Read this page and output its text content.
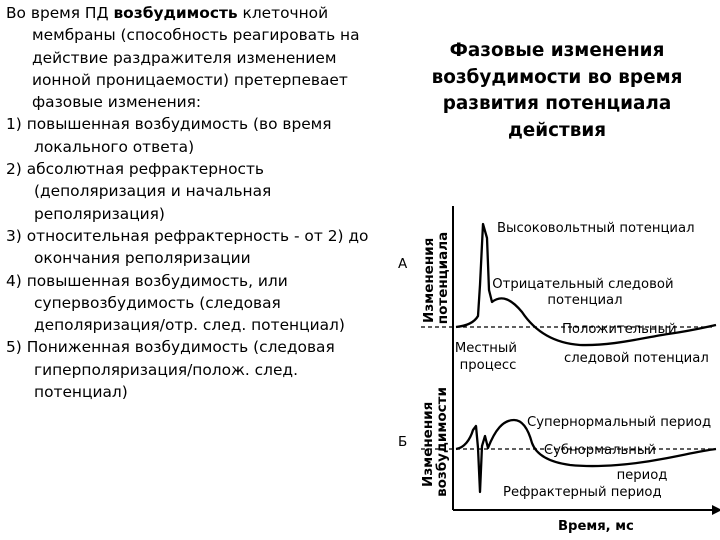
Во время ПД возбудимость клеточной мембраны (способность реагировать на действие раздражителя изменением ионной проницаемости) претерпевает фазовые изменения:

1) повышенная возбудимость (во время локального ответа)
2) абсолютная рефрактерность (деполяризация и начальная реполяризация)
3) относительная рефрактерность - от 2) до окончания реполяризации
4) повышенная возбудимость, или супервозбудимость (следовая деполяризация/отр. след. потенциал)
5) Пониженная возбудимость (следовая гиперполяризация/полож. след. потенциал)
Фазовые изменения возбудимости во время развития потенциала действия
Изменения потенциала
А
Высоковольтный потенциал
Отрицательный следовой потенциал
Положительный
следовой потенциал
Местный процесс
Изменения возбудимости
Б
Супернормальный период
Субнормальный период
Рефрактерный период
Время, мс
